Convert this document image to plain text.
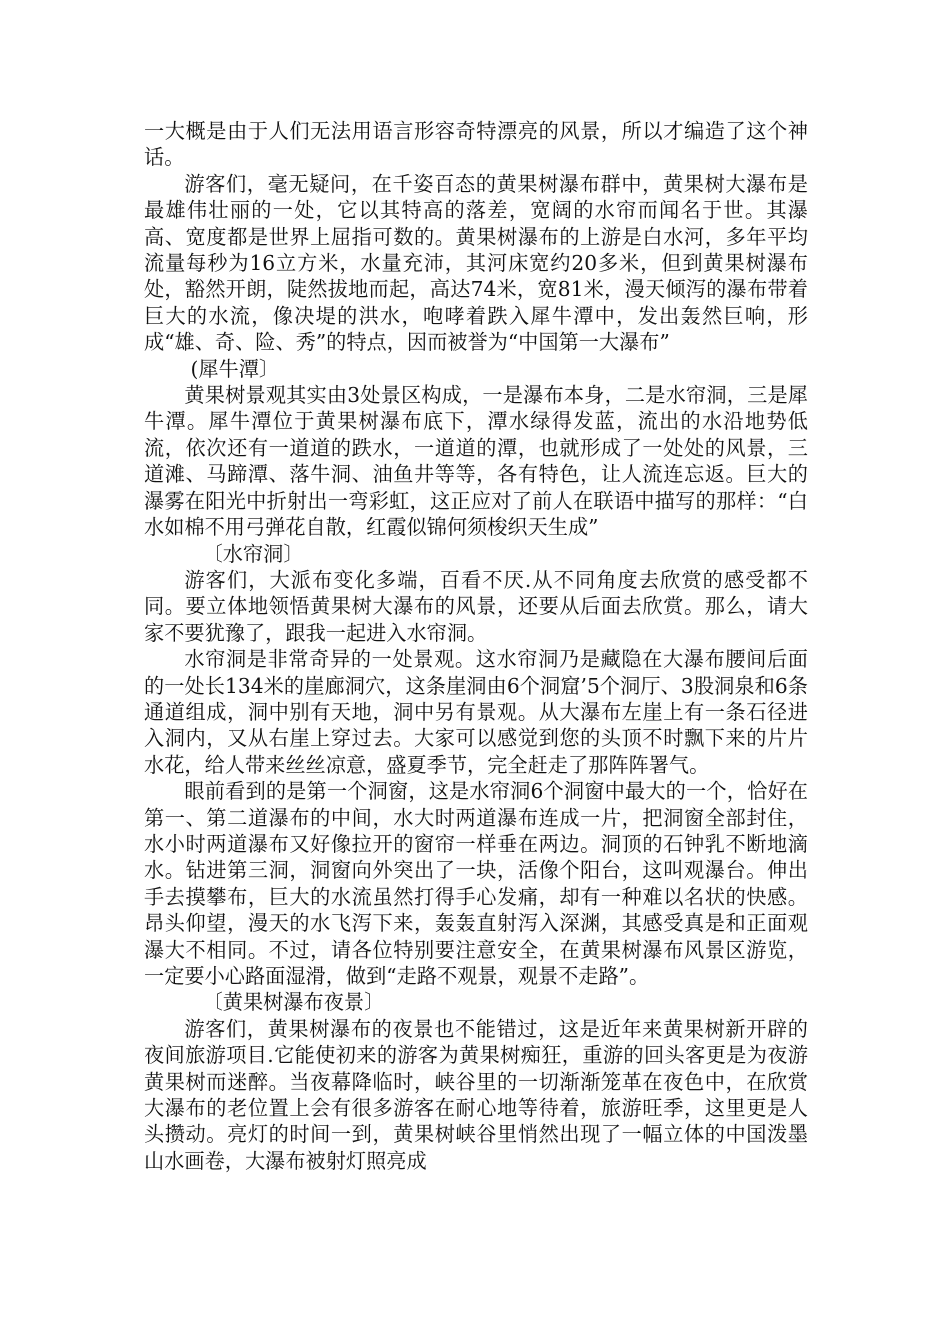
一大概是由于人们无法用语言形容奇特漂亮的风景，所以才编造了这个神话。

游客们，毫无疑问，在千姿百态的黄果树瀑布群中，黄果树大瀑布是最雄伟壮丽的一处，它以其特高的落差，宽阔的水帘而闻名于世。其瀑高、宽度都是世界上屈指可数的。黄果树瀑布的上游是白水河，多年平均流量每秒为16立方米，水量充沛，其河床宽约20多米，但到黄果树瀑布处，豁然开朗，陡然拔地而起，高达74米，宽81米，漫天倾泻的瀑布带着巨大的水流，像决堤的洪水，咆哮着跌入犀牛潭中，发出轰然巨响，形成“雄、奇、险、秀”的特点，因而被誉为“中国第一大瀑布”

(犀牛潭〕

黄果树景观其实由3处景区构成，一是瀑布本身，二是水帘洞，三是犀牛潭。犀牛潭位于黄果树瀑布底下，潭水绿得发蓝，流出的水沿地势低流，依次还有一道道的跌水，一道道的潭，也就形成了一处处的风景，三道滩、马蹄潭、落牛洞、油鱼井等等，各有特色，让人流连忘返。巨大的瀑雾在阳光中折射出一弯彩虹，这正应对了前人在联语中描写的那样：“白水如棉不用弓弹花自散，红霞似锦何须梭织天生成”

〔水帘洞〕

游客们，大派布变化多端，百看不厌.从不同角度去欣赏的感受都不同。要立体地领悟黄果树大瀑布的风景，还要从后面去欣赏。那么，请大家不要犹豫了，跟我一起进入水帘洞。

水帘洞是非常奇异的一处景观。这水帘洞乃是藏隐在大瀑布腰间后面的一处长134米的崖廊洞穴，这条崖洞由6个洞窟’5个洞厅、3股洞泉和6条通道组成，洞中别有天地，洞中另有景观。从大瀑布左崖上有一条石径进入洞内，又从右崖上穿过去。大家可以感觉到您的头顶不时飘下来的片片水花，给人带来丝丝凉意，盛夏季节，完全赶走了那阵阵署气。

眼前看到的是第一个洞窗，这是水帘洞6个洞窗中最大的一个，恰好在第一、第二道瀑布的中间，水大时两道瀑布连成一片，把洞窗全部封住，水小时两道瀑布又好像拉开的窗帘一样垂在两边。洞顶的石钟乳不断地滴水。钻进第三洞，洞窗向外突出了一块，活像个阳台，这叫观瀑台。伸出手去摸攀布，巨大的水流虽然打得手心发痛，却有一种难以名状的快感。昂头仰望，漫天的水飞泻下来，轰轰直射泻入深渊，其感受真是和正面观瀑大不相同。不过，请各位特别要注意安全，在黄果树瀑布风景区游览，一定要小心路面湿滑，做到“走路不观景，观景不走路”。

〔黄果树瀑布夜景〕

游客们，黄果树瀑布的夜景也不能错过，这是近年来黄果树新开辟的夜间旅游项目.它能使初来的游客为黄果树痴狂，重游的回头客更是为夜游黄果树而迷醉。当夜幕降临时，峡谷里的一切渐渐笼革在夜色中，在欣赏大瀑布的老位置上会有很多游客在耐心地等待着，旅游旺季，这里更是人头攒动。亮灯的时间一到，黄果树峡谷里悄然出现了一幅立体的中国泼墨山水画卷，大瀑布被射灯照亮成
